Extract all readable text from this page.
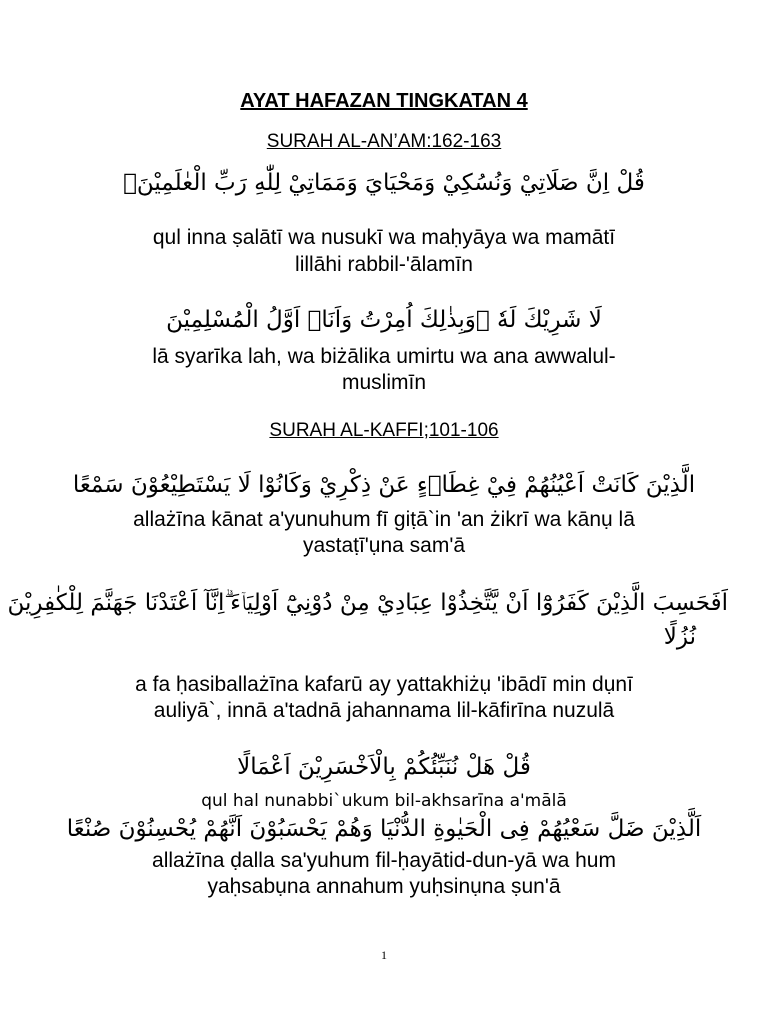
AYAT HAFAZAN TINGKATAN 4
SURAH AL-AN’AM:162-163
قُلْ اِنَّ صَلَاتِيْ وَنُسُكِيْ وَمَحْيَايَ وَمَمَاتِيْ لِلّٰهِ رَبِّ الْعٰلَمِيْنَۙ
qul inna ṣalātī wa nusukī wa maḥyāya wa mamātī
lillāhi rabbil-'ālamīn
لَا شَرِيْكَ لَهٗ ۚوَبِذٰلِكَ اُمِرْتُ وَاَنَا۠ اَوَّلُ الْمُسْلِمِيْنَ
lā syarīka lah, wa biżālika umirtu wa ana awwalul-
muslimīn
SURAH AL-KAFFI;101-106
الَّذِيْنَ كَانَتْ اَعْيُنُهُمْ فِيْ غِطَاۤءٍ عَنْ ذِكْرِيْ وَكَانُوْا لَا يَسْتَطِيْعُوْنَ سَمْعًا
allażīna kānat a'yunuhum fī giṭā`in 'an żikrī wa kānụ lā
yastaṭī'ụna sam'ā
اَفَحَسِبَ الَّذِيْنَ كَفَرُوْٓا اَنْ يَّتَّخِذُوْا عِبَادِيْ مِنْ دُوْنِيْٓ اَوْلِيَاۤءَ ۗاِنَّآ اَعْتَدْنَا جَهَنَّمَ لِلْكٰفِرِيْنَ
نُزُلًا
a fa ḥasiballażīna kafarū ay yattakhiżụ 'ibādī min dụnī
auliyā`, innā a'tadnā jahannama lil-kāfirīna nuzulā
قُلْ هَلْ نُنَبِّئُكُمْ بِالْاَخْسَرِيْنَ اَعْمَالًا
qul hal nunabbi`ukum bil-akhsarīna a'mālā
اَلَّذِيْنَ ضَلَّ سَعْيُهُمْ فِى الْحَيٰوةِ الدُّنْيَا وَهُمْ يَحْسَبُوْنَ اَنَّهُمْ يُحْسِنُوْنَ صُنْعًا
allażīna ḍalla sa'yuhum fil-ḥayātid-dun-yā wa hum
yaḥsabụna annahum yuḥsinụna ṣun'ā
1
